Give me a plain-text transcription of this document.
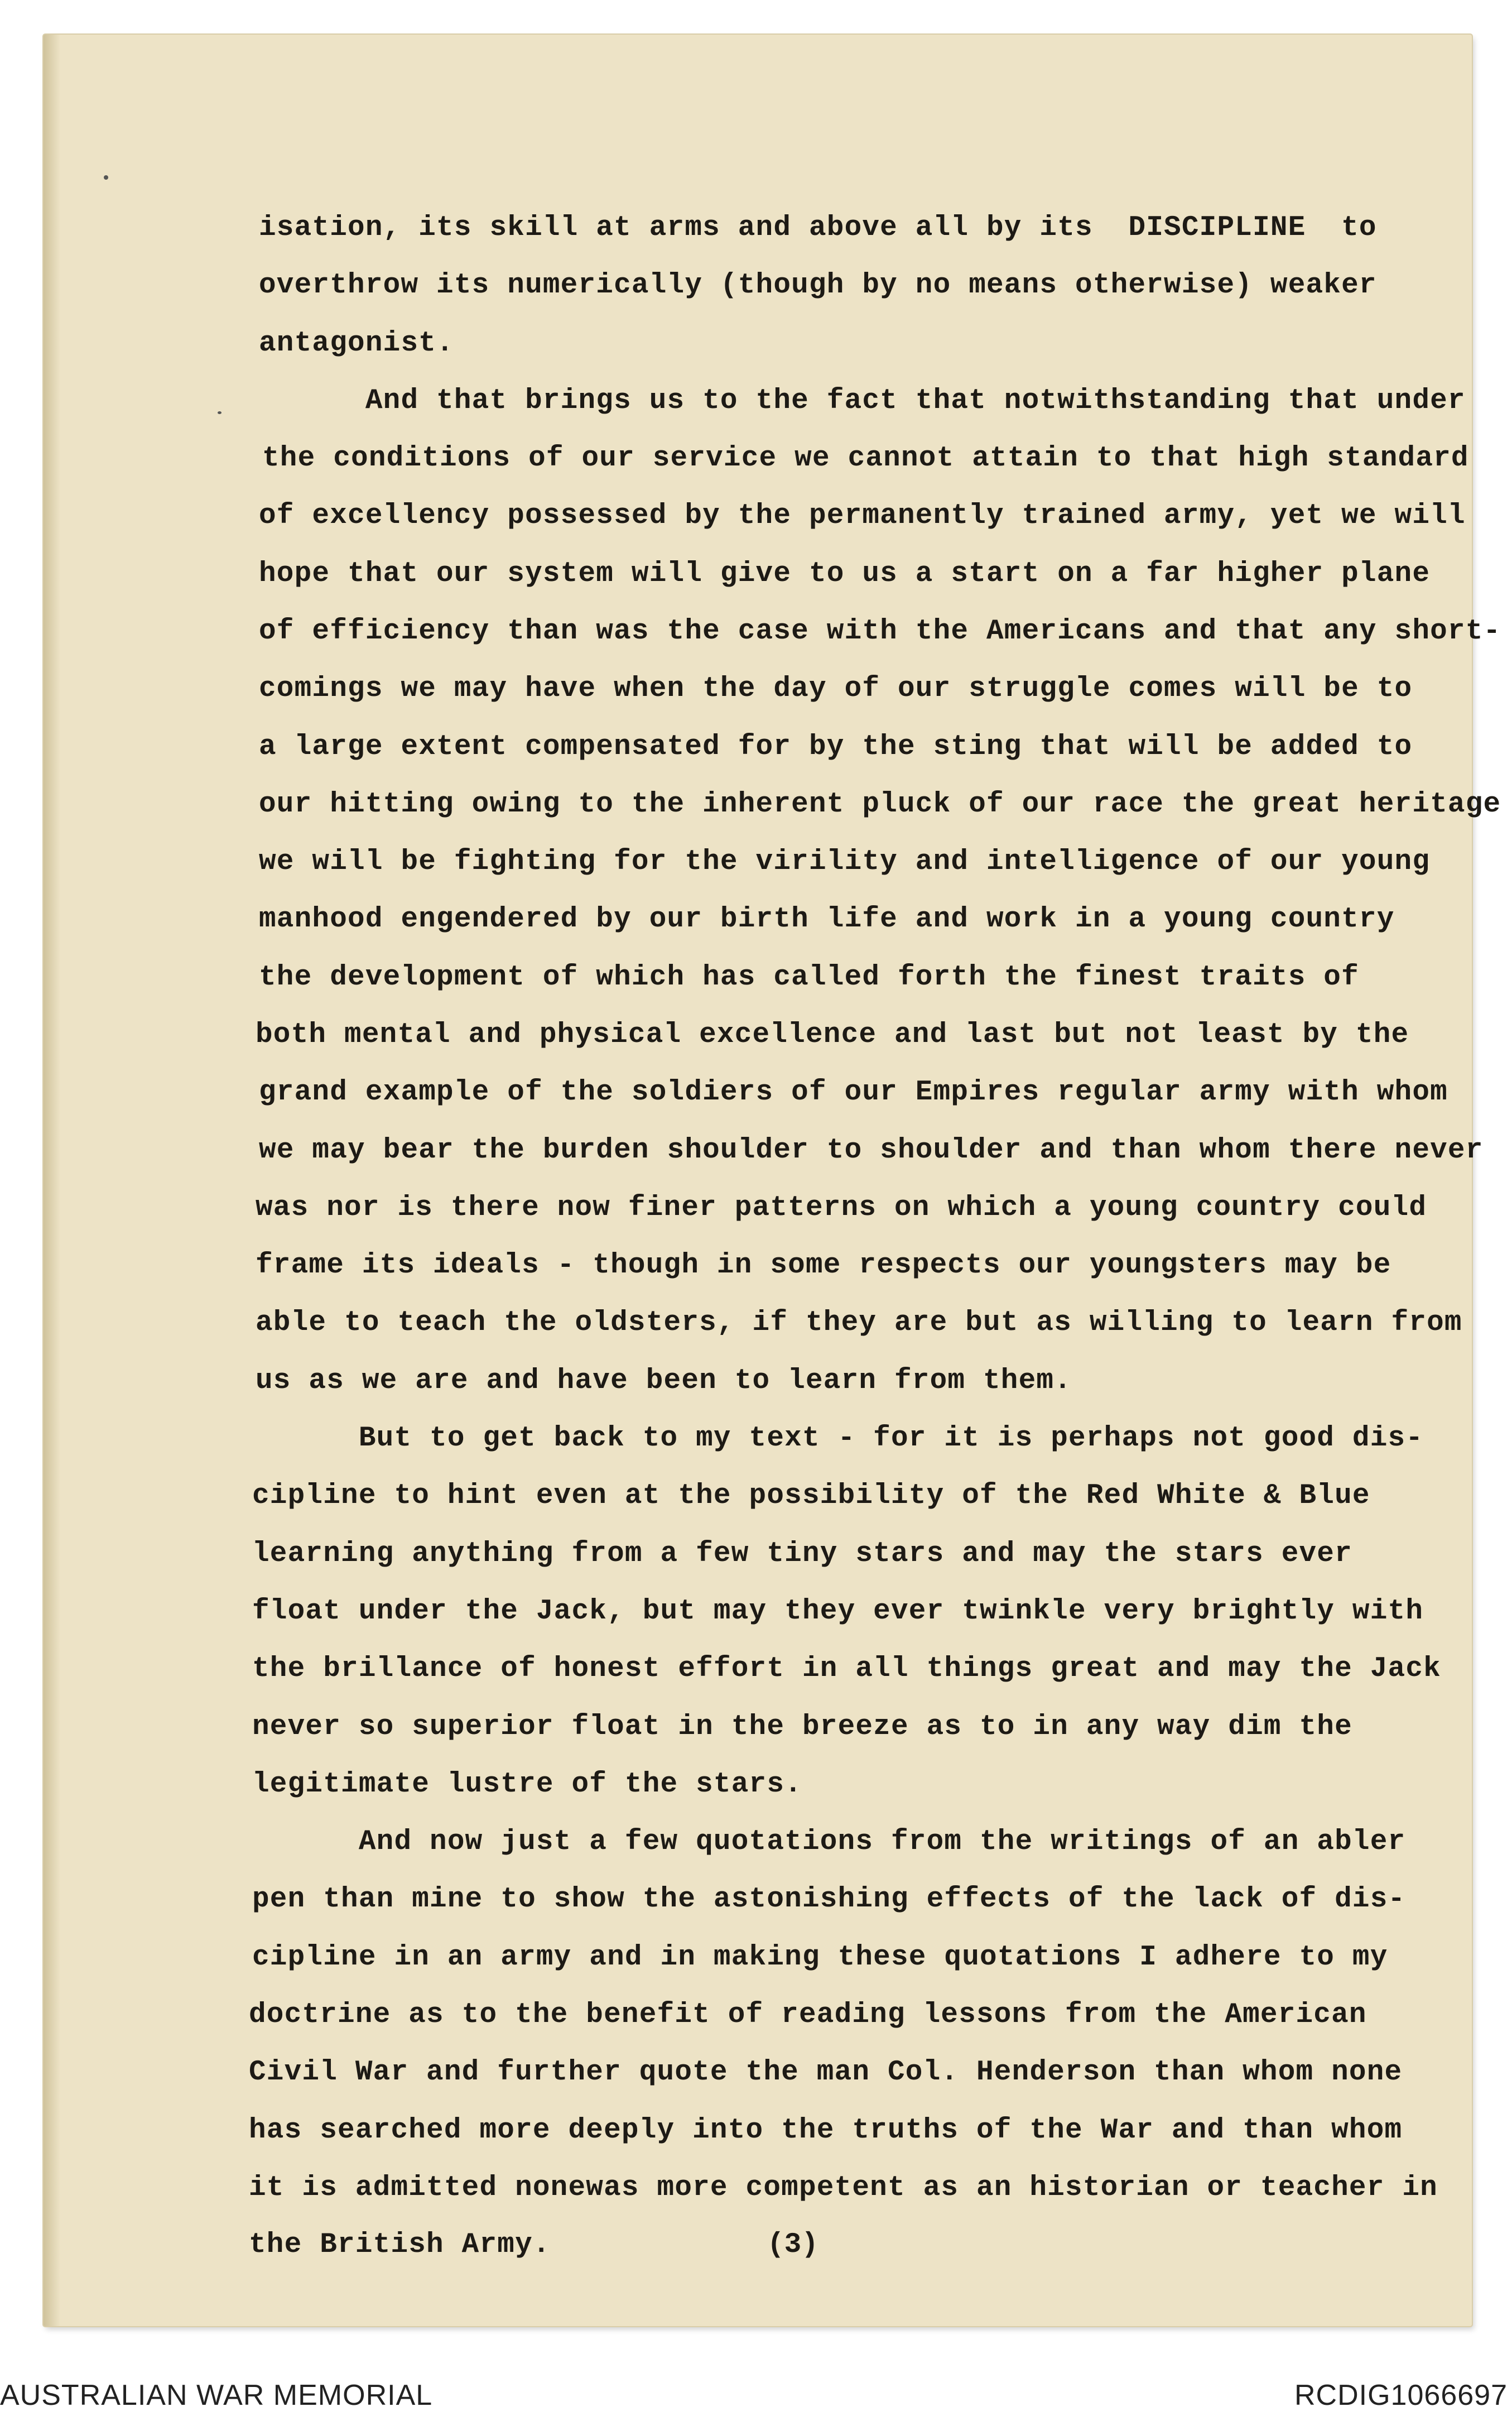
isation, its skill at arms and above all by its  DISCIPLINE  to
overthrow its numerically (though by no means otherwise) weaker
antagonist.
And that brings us to the fact that notwithstanding that under
the conditions of our service we cannot attain to that high standard
of excellency possessed by the permanently trained army, yet we will
hope that our system will give to us a start on a far higher plane
of efficiency than was the case with the Americans and that any short-
comings we may have when the day of our struggle comes will be to
a large extent compensated for by the sting that will be added to
our hitting owing to the inherent pluck of our race the great heritage
we will be fighting for the virility and intelligence of our young
manhood engendered by our birth life and work in a young country
the development of which has called forth the finest traits of
both mental and physical excellence and last but not least by the
grand example of the soldiers of our Empires regular army with whom
we may bear the burden shoulder to shoulder and than whom there never
was nor is there now finer patterns on which a young country could
frame its ideals - though in some respects our youngsters may be
able to teach the oldsters, if they are but as willing to learn from
us as we are and have been to learn from them.
But to get back to my text - for it is perhaps not good dis-
cipline to hint even at the possibility of the Red White & Blue
learning anything from a few tiny stars and may the stars ever
float under the Jack, but may they ever twinkle very brightly with
the brillance of honest effort in all things great and may the Jack
never so superior float in the breeze as to in any way dim the
legitimate lustre of the stars.
And now just a few quotations from the writings of an abler
pen than mine to show the astonishing effects of the lack of dis-
cipline in an army and in making these quotations I adhere to my
doctrine as to the benefit of reading lessons from the American
Civil War and further quote the man Col. Henderson than whom none
has searched more deeply into the truths of the War and than whom
it is admitted nonewas more competent as an historian or teacher in
the British Army.	(3)
AUSTRALIAN WAR MEMORIAL	RCDIG1066697
